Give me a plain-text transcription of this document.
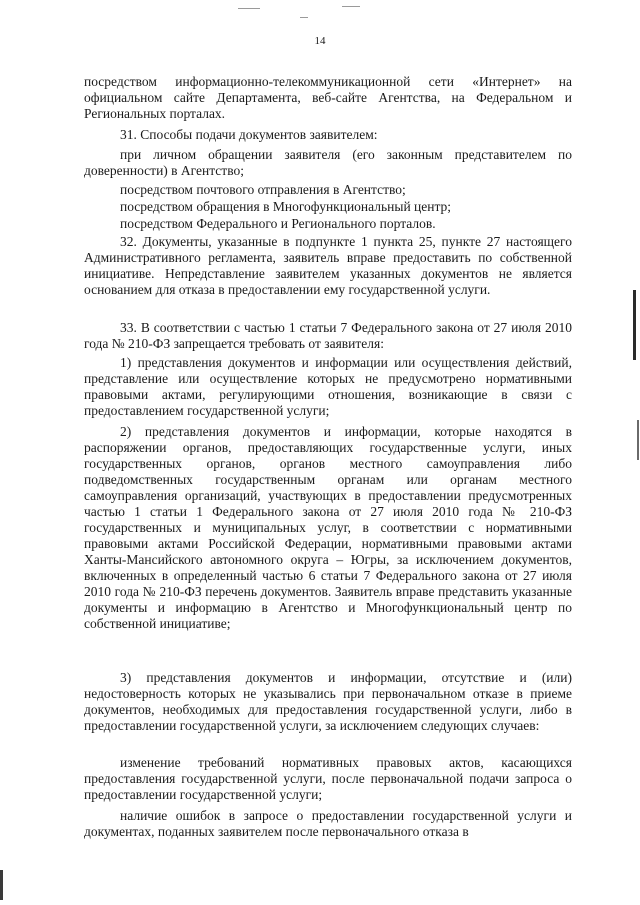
14

посредством информационно-телекоммуникационной сети «Интернет» на официальном сайте Департамента, веб-сайте Агентства, на Федеральном и Региональных порталах.

31. Способы подачи документов заявителем:

при личном обращении заявителя (его законным представителем по доверенности) в Агентство;

посредством почтового отправления в Агентство;

посредством обращения в Многофункциональный центр;

посредством Федерального и Регионального порталов.

32. Документы, указанные в подпункте 1 пункта 25, пункте 27 настоящего Административного регламента, заявитель вправе предоставить по собственной инициативе. Непредставление заявителем указанных документов не является основанием для отказа в предоставлении ему государственной услуги.

33. В соответствии с частью 1 статьи 7 Федерального закона от 27 июля 2010 года № 210-ФЗ запрещается требовать от заявителя:

1) представления документов и информации или осуществления действий, представление или осуществление которых не предусмотрено нормативными правовыми актами, регулирующими отношения, возникающие в связи с предоставлением государственной услуги;

2) представления документов и информации, которые находятся в распоряжении органов, предоставляющих государственные услуги, иных государственных органов, органов местного самоуправления либо подведомственных государственным органам или органам местного самоуправления организаций, участвующих в предоставлении предусмотренных частью 1 статьи 1 Федерального закона от 27 июля 2010 года № 210-ФЗ государственных и муниципальных услуг, в соответствии с нормативными правовыми актами Российской Федерации, нормативными правовыми актами Ханты-Мансийского автономного округа – Югры, за исключением документов, включенных в определенный частью 6 статьи 7 Федерального закона от 27 июля 2010 года № 210-ФЗ перечень документов. Заявитель вправе представить указанные документы и информацию в Агентство и Многофункциональный центр по собственной инициативе;

3) представления документов и информации, отсутствие и (или) недостоверность которых не указывались при первоначальном отказе в приеме документов, необходимых для предоставления государственной услуги, либо в предоставлении государственной услуги, за исключением следующих случаев:

изменение требований нормативных правовых актов, касающихся предоставления государственной услуги, после первоначальной подачи запроса о предоставлении государственной услуги;

наличие ошибок в запросе о предоставлении государственной услуги и документах, поданных заявителем после первоначального отказа в
